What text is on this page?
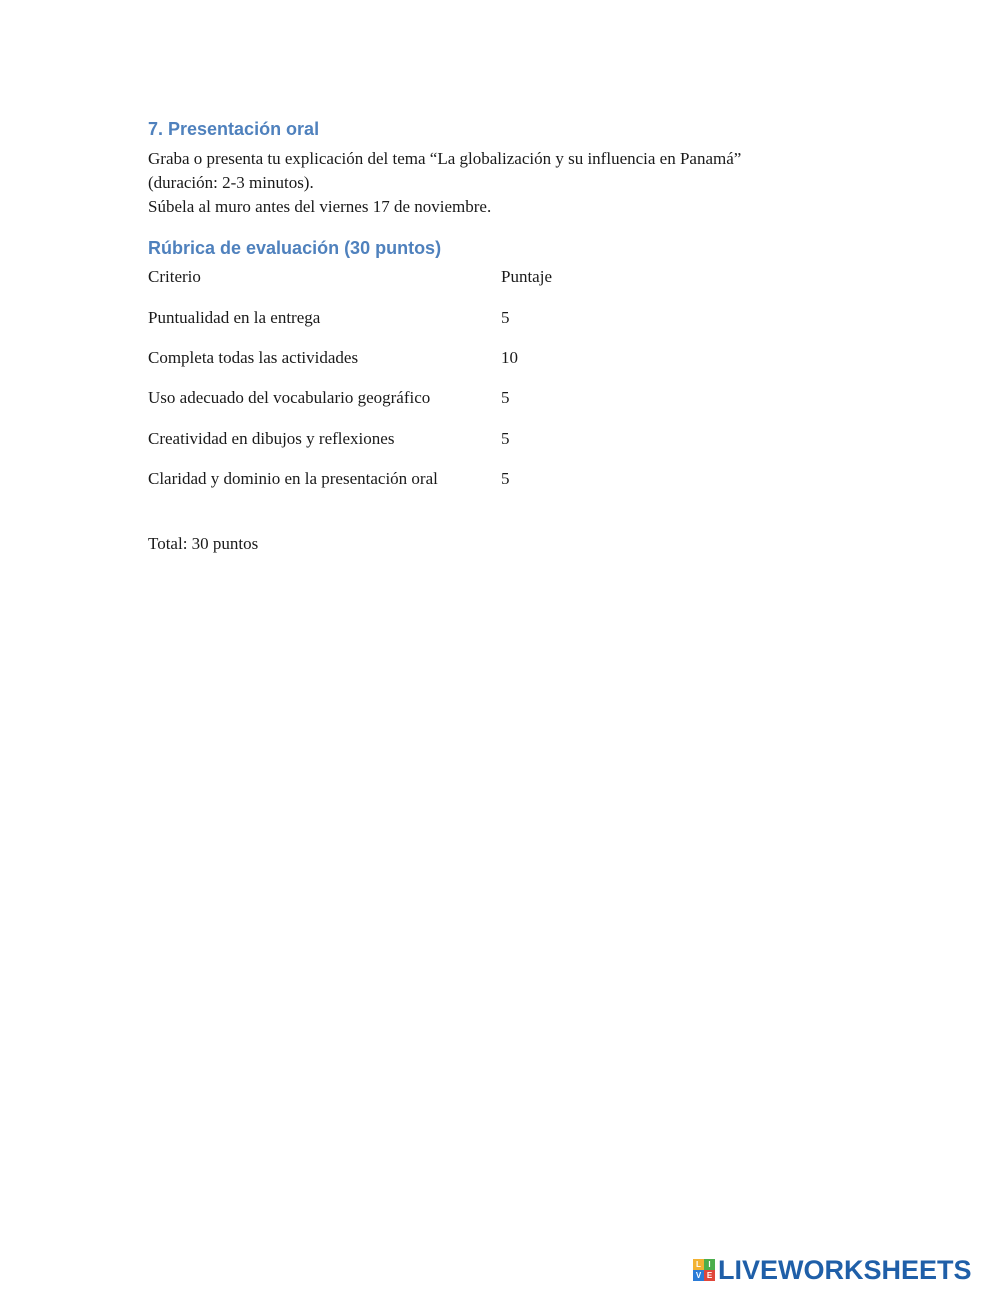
7. Presentación oral

Graba o presenta tu explicación del tema “La globalización y su influencia en Panamá”

(duración: 2-3 minutos).

Súbela al muro antes del viernes 17 de noviembre.

Rúbrica de evaluación (30 puntos)
Criterio	Puntaje
Puntualidad en la entrega	5
Completa todas las actividades	10
Uso adecuado del vocabulario geográfico	5
Creatividad en dibujos y reflexiones	5
Claridad y dominio en la presentación oral	5

Total: 30 puntos

L I
V E LIVEWORKSHEETS
